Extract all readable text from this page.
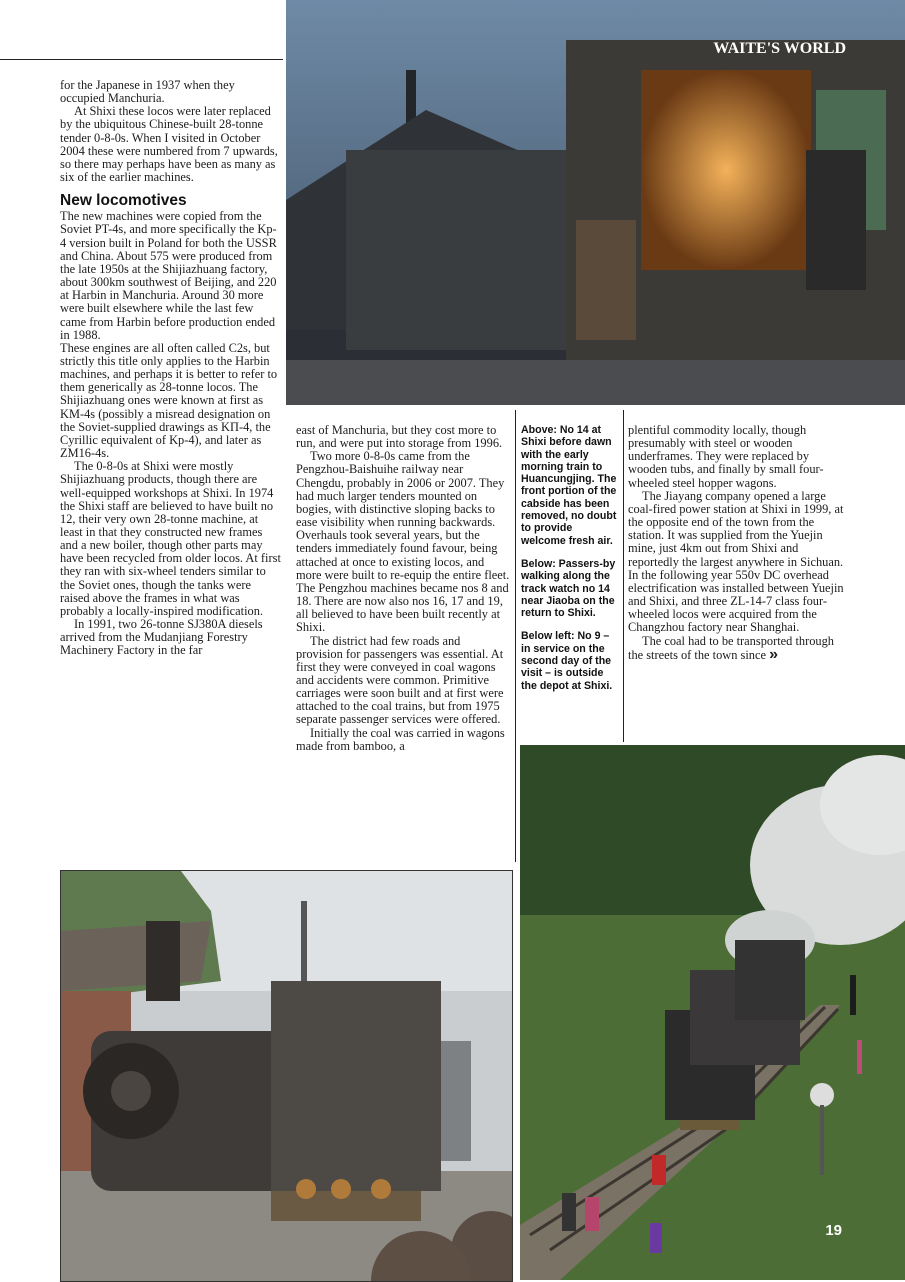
WAITE'S WORLD

for the Japanese in 1937 when they occupied Manchuria.

At Shixi these locos were later replaced by the ubiquitous Chinese-built 28-tonne tender 0-8-0s. When I visited in October 2004 these were numbered from 7 upwards, so there may perhaps have been as many as six of the earlier machines.

New locomotives

The new machines were copied from the Soviet PT-4s, and more specifically the Kp-4 version built in Poland for both the USSR and China. About 575 were produced from the late 1950s at the Shijiazhuang factory, about 300km southwest of Beijing, and 220 at Harbin in Manchuria. Around 30 more were built elsewhere while the last few came from Harbin before production ended in 1988.

These engines are all often called C2s, but strictly this title only applies to the Harbin machines, and perhaps it is better to refer to them generically as 28-tonne locos. The Shijiazhuang ones were known at first as KM-4s (possibly a misread designation on the Soviet-supplied drawings as KП-4, the Cyrillic equivalent of Kp-4), and later as ZM16-4s.

The 0-8-0s at Shixi were mostly Shijiazhuang products, though there are well-equipped workshops at Shixi. In 1974 the Shixi staff are believed to have built no 12, their very own 28-tonne machine, at least in that they constructed new frames and a new boiler, though other parts may have been recycled from older locos. At first they ran with six-wheel tenders similar to the Soviet ones, though the tanks were raised above the frames in what was probably a locally-inspired modification.

In 1991, two 26-tonne SJ380A diesels arrived from the Mudanjiang Forestry Machinery Factory in the far

east of Manchuria, but they cost more to run, and were put into storage from 1996.

Two more 0-8-0s came from the Pengzhou-Baishuihe railway near Chengdu, probably in 2006 or 2007. They had much larger tenders mounted on bogies, with distinctive sloping backs to ease visibility when running backwards. Overhauls took several years, but the tenders immediately found favour, being attached at once to existing locos, and more were built to re-equip the entire fleet. The Pengzhou machines became nos 8 and 18. There are now also nos 16, 17 and 19, all believed to have been built recently at Shixi.

The district had few roads and provision for passengers was essential. At first they were conveyed in coal wagons and accidents were common. Primitive carriages were soon built and at first were attached to the coal trains, but from 1975 separate passenger services were offered.

Initially the coal was carried in wagons made from bamboo, a

Above: No 14 at Shixi before dawn with the early morning train to Huancungjing. The front portion of the cabside has been removed, no doubt to provide welcome fresh air.

Below: Passers-by walking along the track watch no 14 near Jiaoba on the return to Shixi.

Below left: No 9 – in service on the second day of the visit – is outside the depot at Shixi.

plentiful commodity locally, though presumably with steel or wooden underframes. They were replaced by wooden tubs, and finally by small four-wheeled steel hopper wagons.

The Jiayang company opened a large coal-fired power station at Shixi in 1999, at the opposite end of the town from the station. It was supplied from the Yuejin mine, just 4km out from Shixi and reportedly the largest anywhere in Sichuan. In the following year 550v DC overhead electrification was installed between Yuejin and Shixi, and three ZL-14-7 class four-wheeled locos were acquired from the Changzhou factory near Shanghai.

The coal had to be transported through the streets of the town since »

19
